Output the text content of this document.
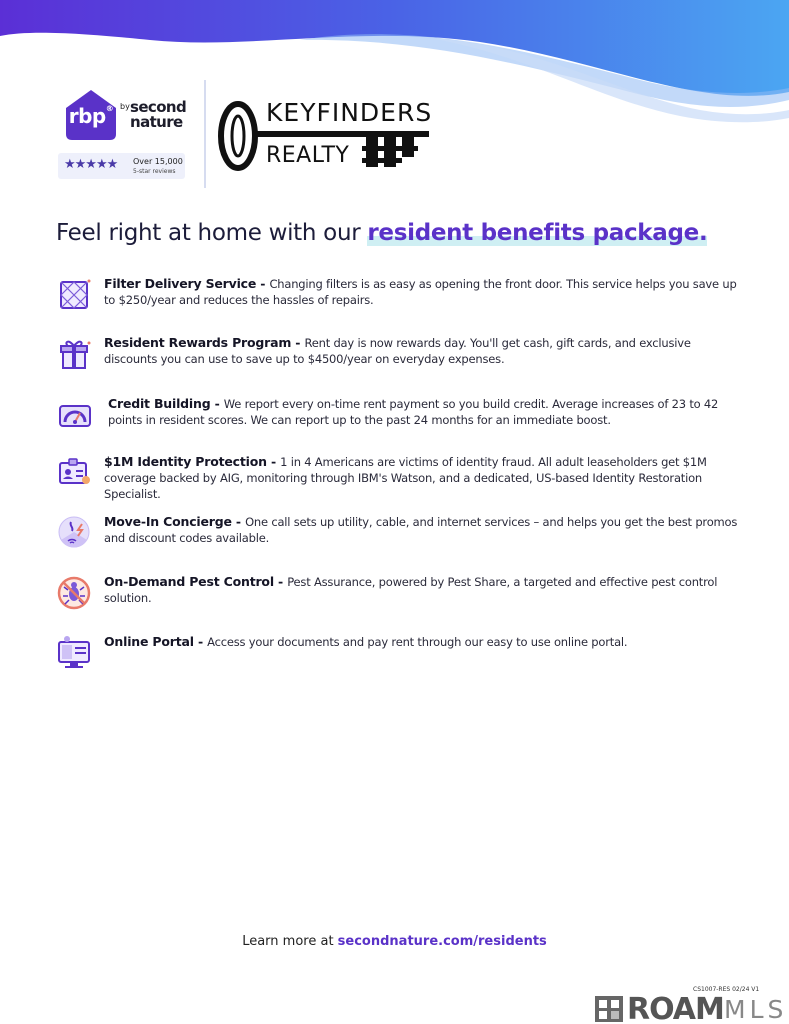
rbp® by second
nature
★★★★★ Over 15,000
5-star reviews
KEYFINDERS
REALTY
Feel right at home with our resident benefits package.
Filter Delivery Service - Changing filters is as easy as opening the front door. This service helps you save up to $250/year and reduces the hassles of repairs.
Resident Rewards Program - Rent day is now rewards day. You'll get cash, gift cards, and exclusive discounts you can use to save up to $4500/year on everyday expenses.
Credit Building - We report every on-time rent payment so you build credit. Average increases of 23 to 42 points in resident scores. We can report up to the past 24 months for an immediate boost.
$1M Identity Protection - 1 in 4 Americans are victims of identity fraud. All adult leaseholders get $1M coverage backed by AIG, monitoring through IBM's Watson, and a dedicated, US-based Identity Restoration Specialist.
Move-In Concierge - One call sets up utility, cable, and internet services – and helps you get the best promos and discount codes available.
On-Demand Pest Control - Pest Assurance, powered by Pest Share, a targeted and effective pest control solution.
Online Portal - Access your documents and pay rent through our easy to use online portal.
Learn more at secondnature.com/residents
CS1007-RES 02/24 V1
ROAM MLS
